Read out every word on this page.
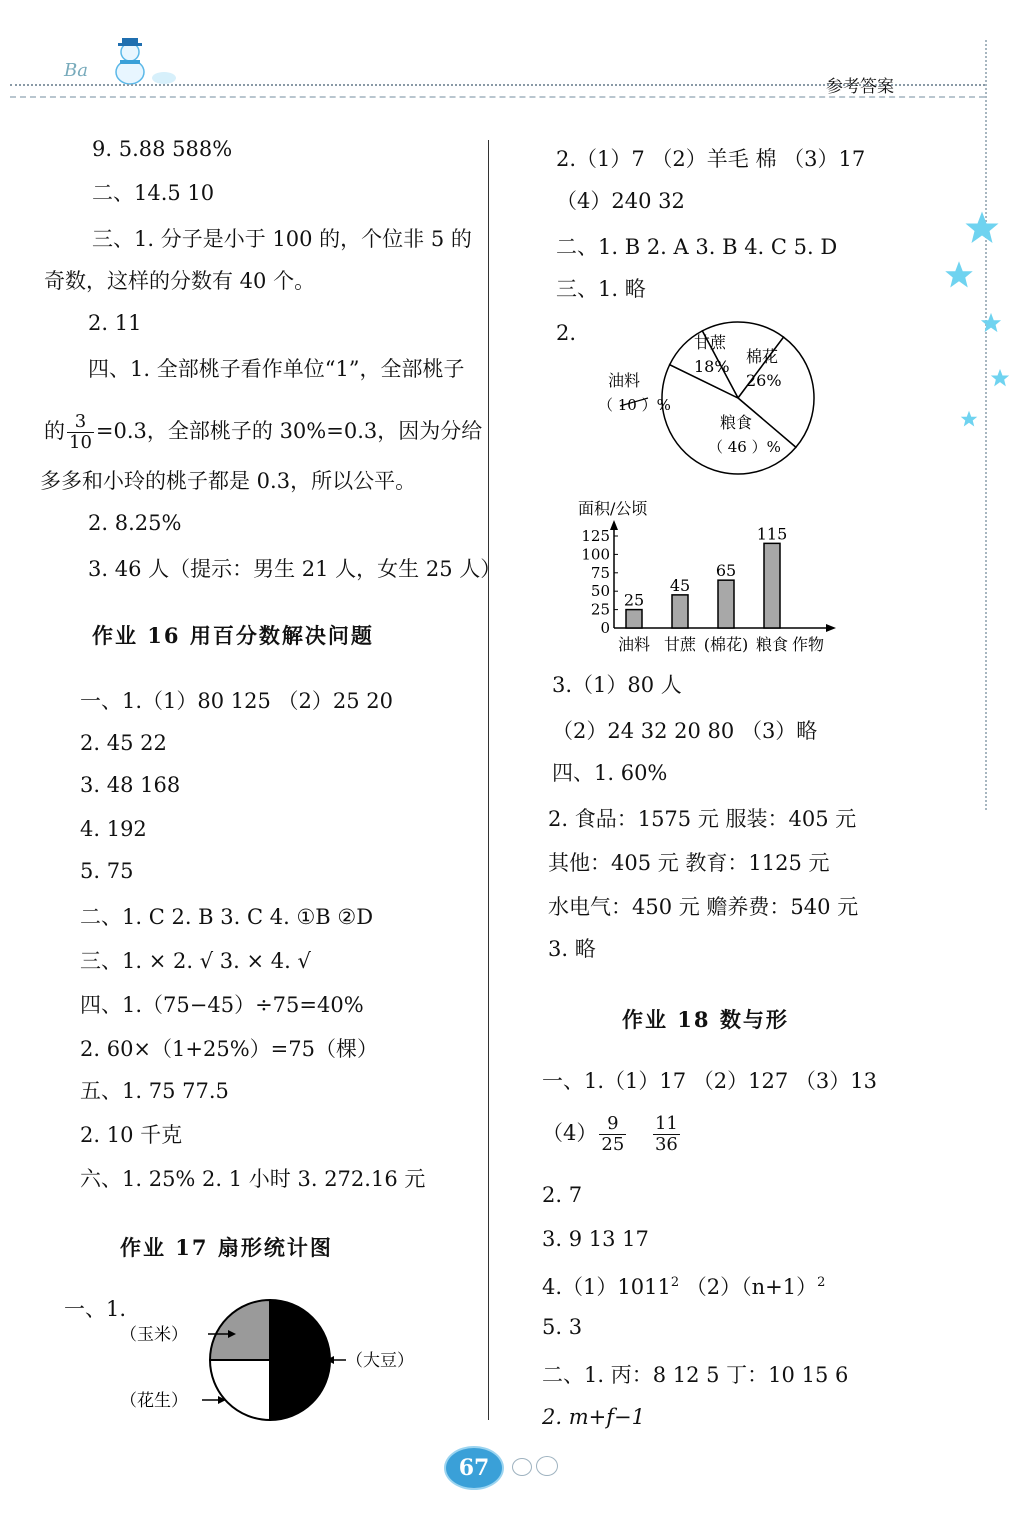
Ba
参考答案
9. 5.88 588%
二、14.5 10
三、1. 分子是小于 100 的，个位非 5 的
奇数，这样的分数有 40 个。
2. 11
四、1. 全部桃子看作单位“1”，全部桃子
的 $\frac{3}{10} =0.3$，全部桃子的 30%=0.3，因为分给
多多和小玲的桃子都是 0.3，所以公平。
2. 8.25%
3. 46 人（提示：男生 21 人，女生 25 人）
作业 16 用百分数解决问题
一、1.（1）80 125 （2）25 20
2. 45 22
3. 48 168
4. 192
5. 75
二、1. C 2. B 3. C 4. ①B ②D
三、1. × 2. √ 3. × 4. √
四、1.（75−45）÷75=40%
2. 60×（1+25%）=75（棵）
五、1. 75 77.5
2. 10 千克
六、1. 25% 2. 1 小时 3. 272.16 元
作业 17 扇形统计图
一、1.
（玉米）
（大豆）
（花生）
2.（1）7 （2）羊毛 棉 （3）17
（4）240 32
二、1. B 2. A 3. B 4. C 5. D
三、1. 略
2.	甘蔗
18%
棉花
26%
油料
（ 10 ）%
粮食
（ 46 ）%
面积/公顷
0
25
50
75
100
125
25
45
65
115
油料 甘蔗 (棉花) 粮食 作物
3.（1）80 人
（2）24 32 20 80 （3）略
四、1. 60%
2. 食品：1575 元 服装：405 元
其他：405 元 教育：1125 元
水电气：450 元 赡养费：540 元
3. 略
作业 18 数与形
一、1.（1）17 （2）127 （3）13
$(4) \frac{9}{25}$
$\frac{11}{36}$
2. 7
3. 9 13 17
4.（1）1011$^2$ $(2)(n+1)^2$
5. 3
二、1. 丙：8 12 5 丁：10 15 6
2. m+f−1
67
